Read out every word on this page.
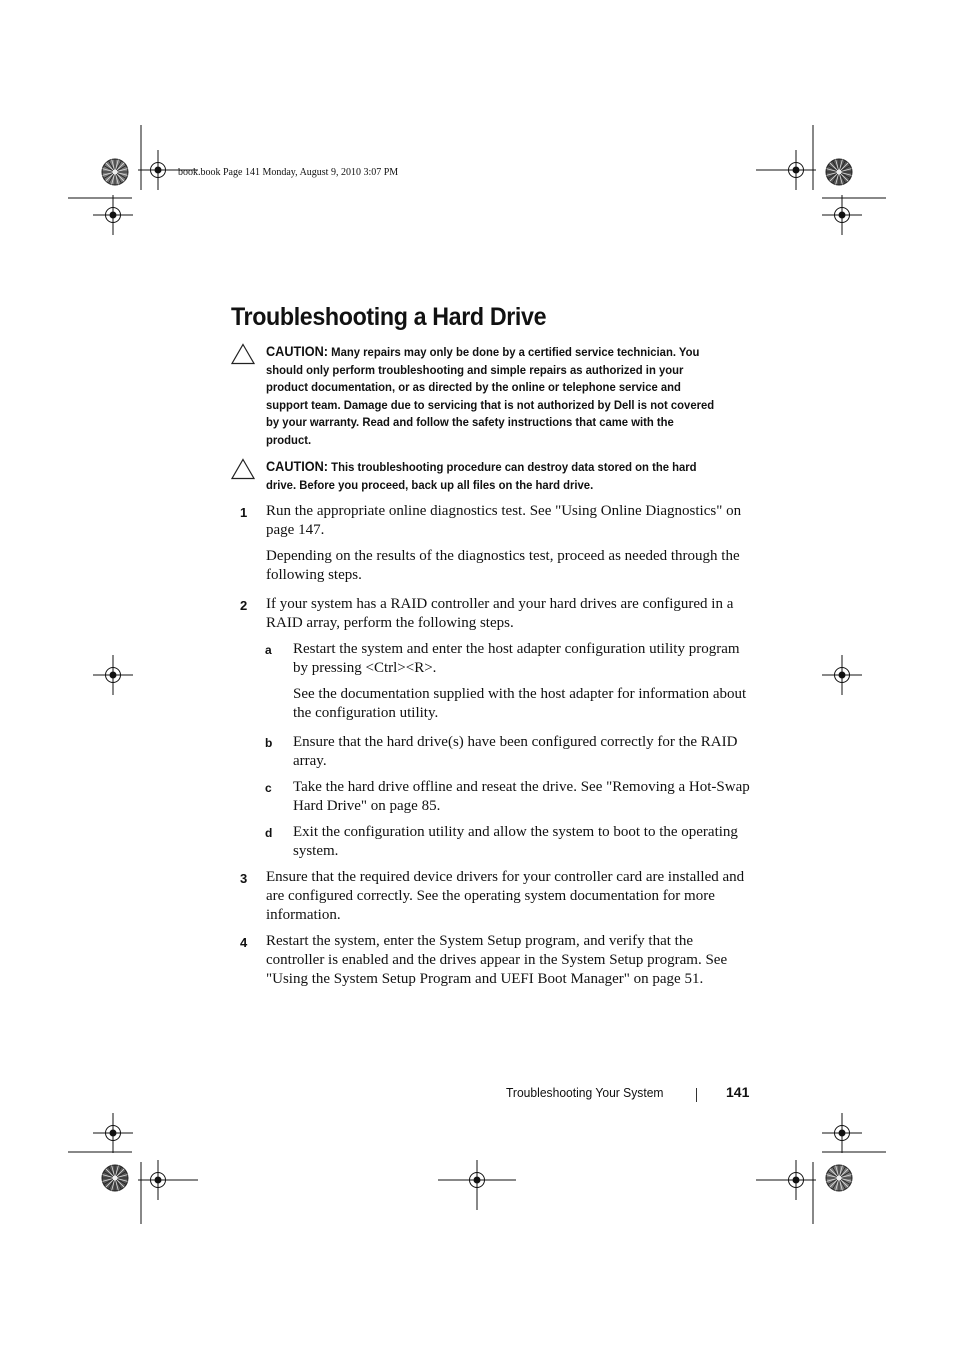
book.book Page 141 Monday, August 9, 2010 3:07 PM
Troubleshooting a Hard Drive
CAUTION: Many repairs may only be done by a certified service technician. You should only perform troubleshooting and simple repairs as authorized in your product documentation, or as directed by the online or telephone service and support team. Damage due to servicing that is not authorized by Dell is not covered by your warranty. Read and follow the safety instructions that came with the product.
CAUTION: This troubleshooting procedure can destroy data stored on the hard drive. Before you proceed, back up all files on the hard drive.
1	Run the appropriate online diagnostics test. See "Using Online Diagnostics" on page 147.
Depending on the results of the diagnostics test, proceed as needed through the following steps.
2	If your system has a RAID controller and your hard drives are configured in a RAID array, perform the following steps.
a	Restart the system and enter the host adapter configuration utility program by pressing <Ctrl><R>.
See the documentation supplied with the host adapter for information about the configuration utility.
b	Ensure that the hard drive(s) have been configured correctly for the RAID array.
c	Take the hard drive offline and reseat the drive. See "Removing a Hot-Swap Hard Drive" on page 85.
d	Exit the configuration utility and allow the system to boot to the operating system.
3	Ensure that the required device drivers for your controller card are installed and are configured correctly. See the operating system documentation for more information.
4	Restart the system, enter the System Setup program, and verify that the controller is enabled and the drives appear in the System Setup program. See "Using the System Setup Program and UEFI Boot Manager" on page 51.
Troubleshooting Your System	141
